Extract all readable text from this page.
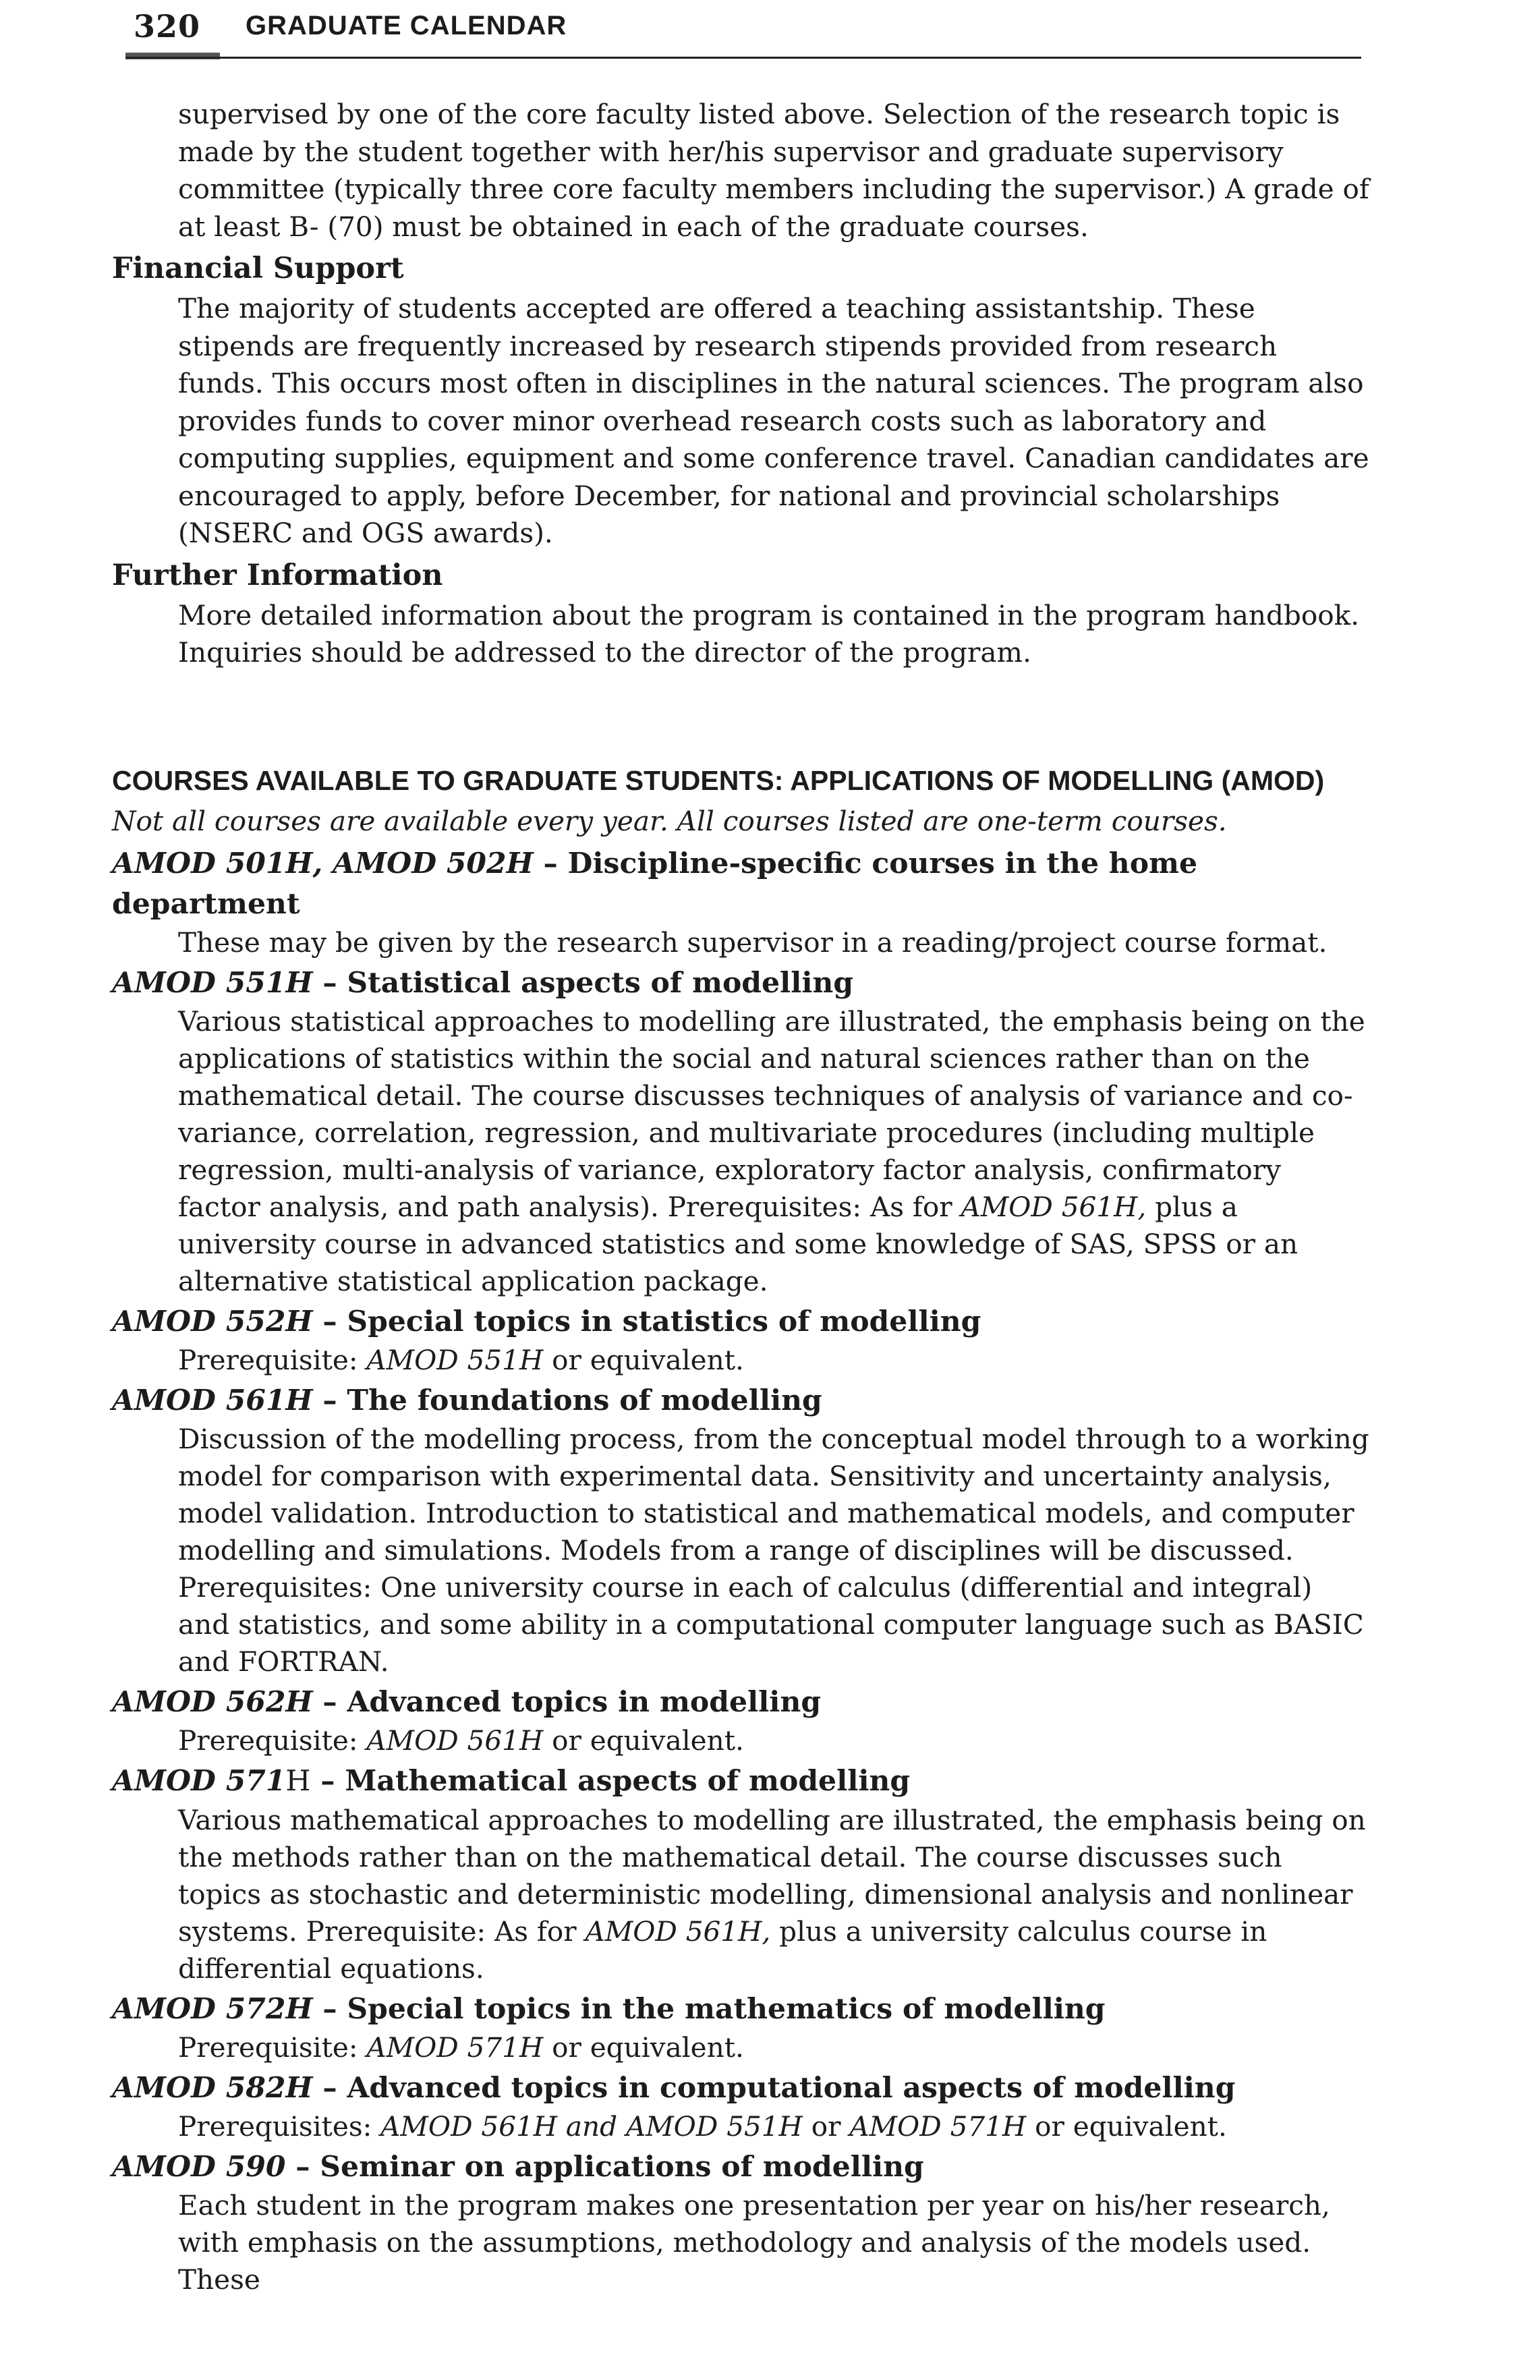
320 GRADUATE CALENDAR

supervised by one of the core faculty listed above. Selection of the research topic is made by the student together with her/his supervisor and graduate supervisory committee (typically three core faculty members including the supervisor.) A grade of at least B- (70) must be obtained in each of the graduate courses.

Financial Support

The majority of students accepted are offered a teaching assistantship. These stipends are frequently increased by research stipends provided from research funds. This occurs most often in disciplines in the natural sciences. The program also provides funds to cover minor overhead research costs such as laboratory and computing supplies, equipment and some conference travel. Canadian candidates are encouraged to apply, before December, for national and provincial scholarships (NSERC and OGS awards).

Further Information

More detailed information about the program is contained in the program handbook. Inquiries should be addressed to the director of the program.

COURSES AVAILABLE TO GRADUATE STUDENTS: APPLICATIONS OF MODELLING (AMOD)
Not all courses are available every year. All courses listed are one-term courses.
AMOD 501H, AMOD 502H – Discipline-specific courses in the home department

These may be given by the research supervisor in a reading/project course format.

AMOD 551H – Statistical aspects of modelling

Various statistical approaches to modelling are illustrated, the emphasis being on the applications of statistics within the social and natural sciences rather than on the mathematical detail. The course discusses techniques of analysis of variance and co-variance, correlation, regression, and multivariate procedures (including multiple regression, multi-analysis of variance, exploratory factor analysis, confirmatory factor analysis, and path analysis). Prerequisites: As for AMOD 561H, plus a university course in advanced statistics and some knowledge of SAS, SPSS or an alternative statistical application package.

AMOD 552H – Special topics in statistics of modelling

Prerequisite: AMOD 551H or equivalent.

AMOD 561H – The foundations of modelling

Discussion of the modelling process, from the conceptual model through to a working model for comparison with experimental data. Sensitivity and uncertainty analysis, model validation. Introduction to statistical and mathematical models, and computer modelling and simulations. Models from a range of disciplines will be discussed. Prerequisites: One university course in each of calculus (differential and integral) and statistics, and some ability in a computational computer language such as BASIC and FORTRAN.

AMOD 562H – Advanced topics in modelling

Prerequisite: AMOD 561H or equivalent.

AMOD 571H – Mathematical aspects of modelling

Various mathematical approaches to modelling are illustrated, the emphasis being on the methods rather than on the mathematical detail. The course discusses such topics as stochastic and deterministic modelling, dimensional analysis and nonlinear systems. Prerequisite: As for AMOD 561H, plus a university calculus course in differential equations.

AMOD 572H – Special topics in the mathematics of modelling

Prerequisite: AMOD 571H or equivalent.

AMOD 582H – Advanced topics in computational aspects of modelling

Prerequisites: AMOD 561H and AMOD 551H or AMOD 571H or equivalent.

AMOD 590 – Seminar on applications of modelling

Each student in the program makes one presentation per year on his/her research, with emphasis on the assumptions, methodology and analysis of the models used. These
